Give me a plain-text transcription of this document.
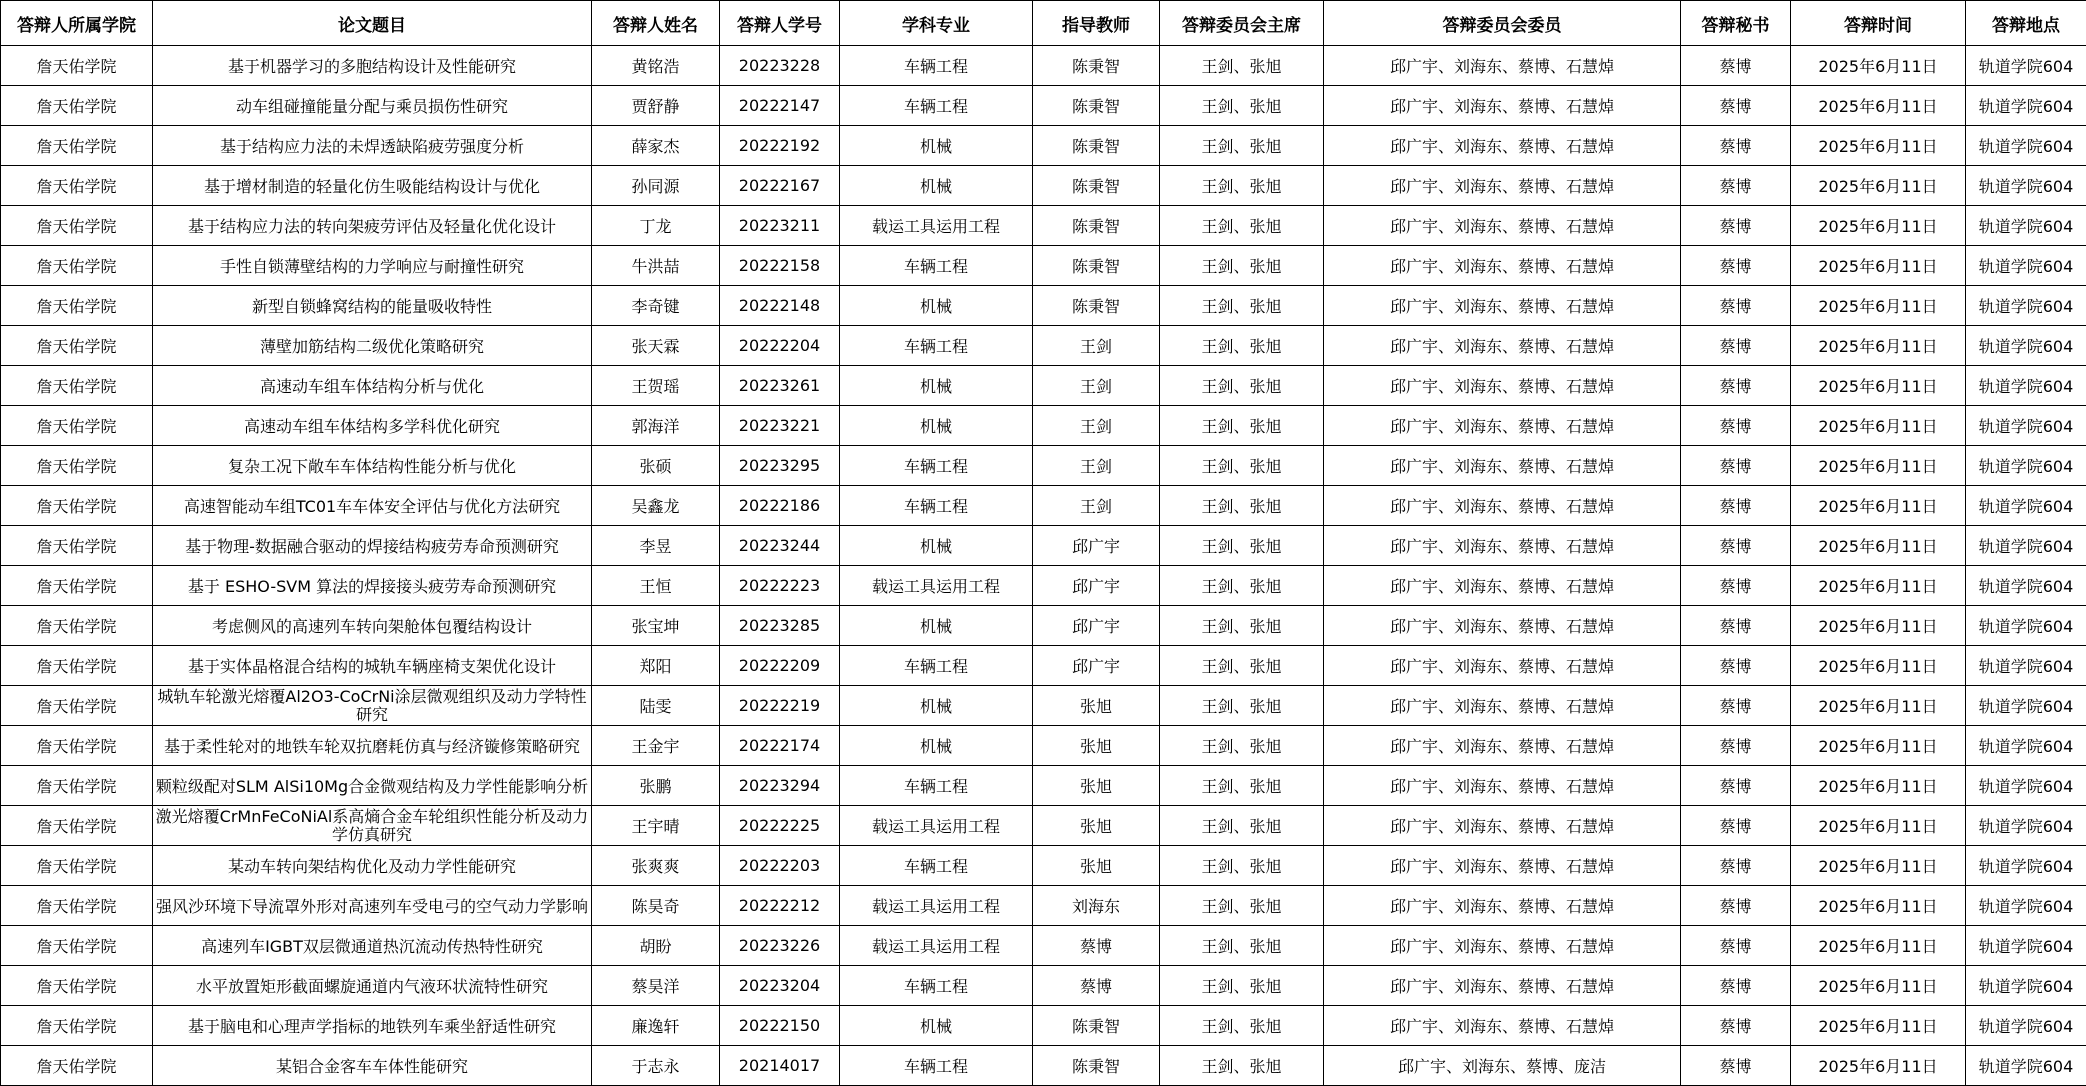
答辩人所属学院	论文题目	答辩人姓名	答辩人学号	学科专业	指导教师	答辩委员会主席	答辩委员会委员	答辩秘书	答辩时间	答辩地点
詹天佑学院	基于机器学习的多胞结构设计及性能研究	黄铭浩	20223228	车辆工程	陈秉智	王剑、张旭	邱广宇、刘海东、蔡博、石慧焯	蔡博	2025年6月11日	轨道学院604
詹天佑学院	动车组碰撞能量分配与乘员损伤性研究	贾舒静	20222147	车辆工程	陈秉智	王剑、张旭	邱广宇、刘海东、蔡博、石慧焯	蔡博	2025年6月11日	轨道学院604
詹天佑学院	基于结构应力法的未焊透缺陷疲劳强度分析	薛家杰	20222192	机械	陈秉智	王剑、张旭	邱广宇、刘海东、蔡博、石慧焯	蔡博	2025年6月11日	轨道学院604
詹天佑学院	基于增材制造的轻量化仿生吸能结构设计与优化	孙同源	20222167	机械	陈秉智	王剑、张旭	邱广宇、刘海东、蔡博、石慧焯	蔡博	2025年6月11日	轨道学院604
詹天佑学院	基于结构应力法的转向架疲劳评估及轻量化优化设计	丁龙	20223211	载运工具运用工程	陈秉智	王剑、张旭	邱广宇、刘海东、蔡博、石慧焯	蔡博	2025年6月11日	轨道学院604
詹天佑学院	手性自锁薄壁结构的力学响应与耐撞性研究	牛洪喆	20222158	车辆工程	陈秉智	王剑、张旭	邱广宇、刘海东、蔡博、石慧焯	蔡博	2025年6月11日	轨道学院604
詹天佑学院	新型自锁蜂窝结构的能量吸收特性	李奇键	20222148	机械	陈秉智	王剑、张旭	邱广宇、刘海东、蔡博、石慧焯	蔡博	2025年6月11日	轨道学院604
詹天佑学院	薄壁加筋结构二级优化策略研究	张天霖	20222204	车辆工程	王剑	王剑、张旭	邱广宇、刘海东、蔡博、石慧焯	蔡博	2025年6月11日	轨道学院604
詹天佑学院	高速动车组车体结构分析与优化	王贺瑶	20223261	机械	王剑	王剑、张旭	邱广宇、刘海东、蔡博、石慧焯	蔡博	2025年6月11日	轨道学院604
詹天佑学院	高速动车组车体结构多学科优化研究	郭海洋	20223221	机械	王剑	王剑、张旭	邱广宇、刘海东、蔡博、石慧焯	蔡博	2025年6月11日	轨道学院604
詹天佑学院	复杂工况下敞车车体结构性能分析与优化	张硕	20223295	车辆工程	王剑	王剑、张旭	邱广宇、刘海东、蔡博、石慧焯	蔡博	2025年6月11日	轨道学院604
詹天佑学院	高速智能动车组TC01车车体安全评估与优化方法研究	吴鑫龙	20222186	车辆工程	王剑	王剑、张旭	邱广宇、刘海东、蔡博、石慧焯	蔡博	2025年6月11日	轨道学院604
詹天佑学院	基于物理-数据融合驱动的焊接结构疲劳寿命预测研究	李昱	20223244	机械	邱广宇	王剑、张旭	邱广宇、刘海东、蔡博、石慧焯	蔡博	2025年6月11日	轨道学院604
詹天佑学院	基于 ESHO-SVM 算法的焊接接头疲劳寿命预测研究	王恒	20222223	载运工具运用工程	邱广宇	王剑、张旭	邱广宇、刘海东、蔡博、石慧焯	蔡博	2025年6月11日	轨道学院604
詹天佑学院	考虑侧风的高速列车转向架舱体包覆结构设计	张宝坤	20223285	机械	邱广宇	王剑、张旭	邱广宇、刘海东、蔡博、石慧焯	蔡博	2025年6月11日	轨道学院604
詹天佑学院	基于实体晶格混合结构的城轨车辆座椅支架优化设计	郑阳	20222209	车辆工程	邱广宇	王剑、张旭	邱广宇、刘海东、蔡博、石慧焯	蔡博	2025年6月11日	轨道学院604
詹天佑学院	城轨车轮激光熔覆Al2O3-CoCrNi涂层微观组织及动力学特性研究	陆雯	20222219	机械	张旭	王剑、张旭	邱广宇、刘海东、蔡博、石慧焯	蔡博	2025年6月11日	轨道学院604
詹天佑学院	基于柔性轮对的地铁车轮双抗磨耗仿真与经济镟修策略研究	王金宇	20222174	机械	张旭	王剑、张旭	邱广宇、刘海东、蔡博、石慧焯	蔡博	2025年6月11日	轨道学院604
詹天佑学院	颗粒级配对SLM AlSi10Mg合金微观结构及力学性能影响分析	张鹏	20223294	车辆工程	张旭	王剑、张旭	邱广宇、刘海东、蔡博、石慧焯	蔡博	2025年6月11日	轨道学院604
詹天佑学院	激光熔覆CrMnFeCoNiAl系高熵合金车轮组织性能分析及动力学仿真研究	王宇晴	20222225	载运工具运用工程	张旭	王剑、张旭	邱广宇、刘海东、蔡博、石慧焯	蔡博	2025年6月11日	轨道学院604
詹天佑学院	某动车转向架结构优化及动力学性能研究	张爽爽	20222203	车辆工程	张旭	王剑、张旭	邱广宇、刘海东、蔡博、石慧焯	蔡博	2025年6月11日	轨道学院604
詹天佑学院	强风沙环境下导流罩外形对高速列车受电弓的空气动力学影响	陈昊奇	20222212	载运工具运用工程	刘海东	王剑、张旭	邱广宇、刘海东、蔡博、石慧焯	蔡博	2025年6月11日	轨道学院604
詹天佑学院	高速列车IGBT双层微通道热沉流动传热特性研究	胡盼	20223226	载运工具运用工程	蔡博	王剑、张旭	邱广宇、刘海东、蔡博、石慧焯	蔡博	2025年6月11日	轨道学院604
詹天佑学院	水平放置矩形截面螺旋通道内气液环状流特性研究	蔡昊洋	20223204	车辆工程	蔡博	王剑、张旭	邱广宇、刘海东、蔡博、石慧焯	蔡博	2025年6月11日	轨道学院604
詹天佑学院	基于脑电和心理声学指标的地铁列车乘坐舒适性研究	廉逸轩	20222150	机械	陈秉智	王剑、张旭	邱广宇、刘海东、蔡博、石慧焯	蔡博	2025年6月11日	轨道学院604
詹天佑学院	某铝合金客车车体性能研究	于志永	20214017	车辆工程	陈秉智	王剑、张旭	邱广宇、刘海东、蔡博、庞洁	蔡博	2025年6月11日	轨道学院604
